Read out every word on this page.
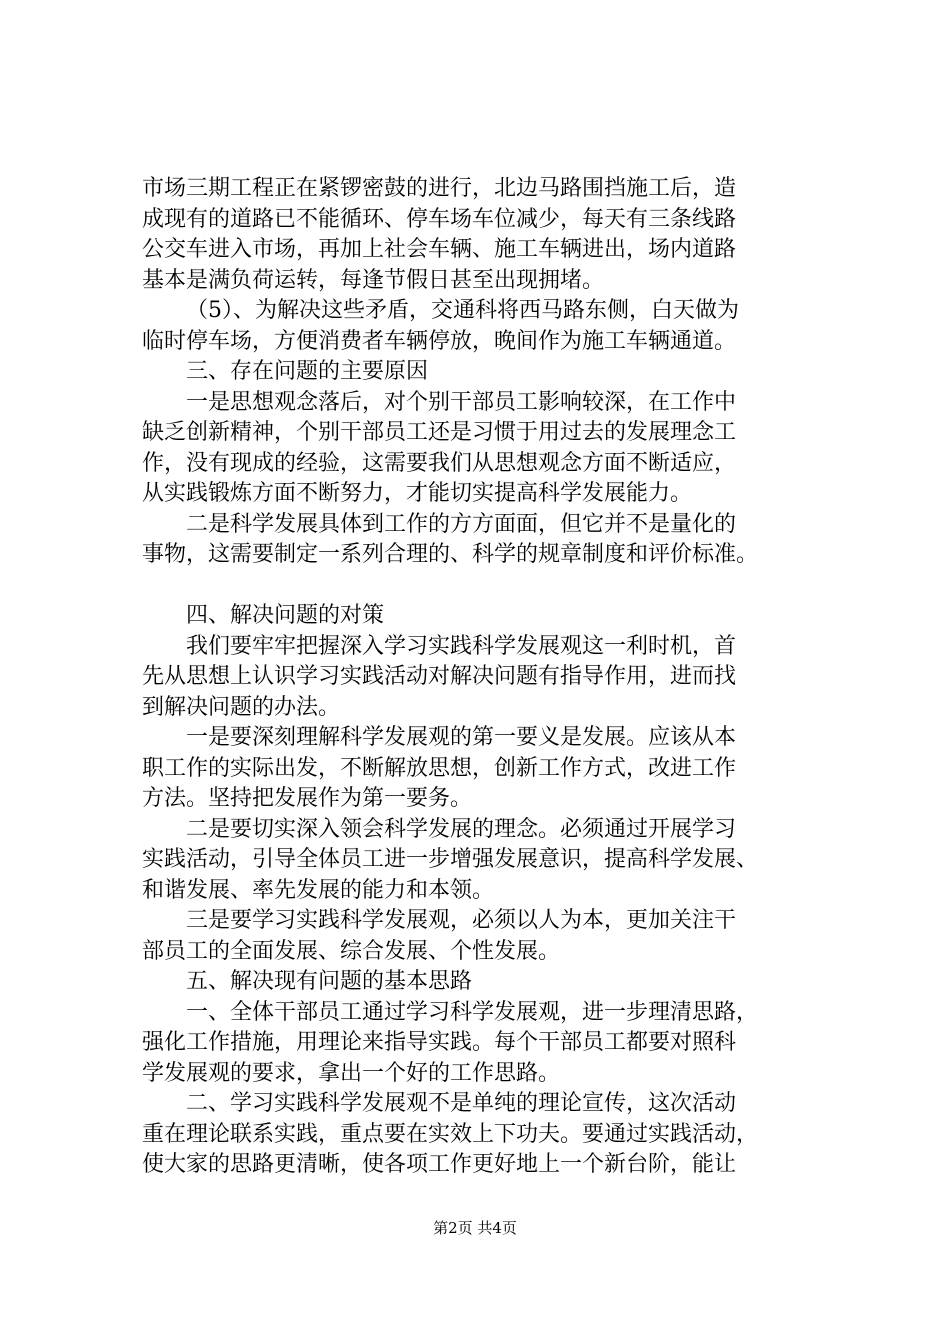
市场三期工程正在紧锣密鼓的进行，北边马路围挡施工后，造
成现有的道路已不能循环、停车场车位减少，每天有三条线路
公交车进入市场，再加上社会车辆、施工车辆进出，场内道路
基本是满负荷运转，每逢节假日甚至出现拥堵。
（5）、为解决这些矛盾，交通科将西马路东侧，白天做为
临时停车场，方便消费者车辆停放，晚间作为施工车辆通道。
三、存在问题的主要原因
一是思想观念落后，对个别干部员工影响较深，在工作中
缺乏创新精神，个别干部员工还是习惯于用过去的发展理念工
作，没有现成的经验，这需要我们从思想观念方面不断适应，
从实践锻炼方面不断努力，才能切实提高科学发展能力。
二是科学发展具体到工作的方方面面，但它并不是量化的
事物，这需要制定一系列合理的、科学的规章制度和评价标准。
四、解决问题的对策
我们要牢牢把握深入学习实践科学发展观这一利时机，首
先从思想上认识学习实践活动对解决问题有指导作用，进而找
到解决问题的办法。
一是要深刻理解科学发展观的第一要义是发展。应该从本
职工作的实际出发，不断解放思想，创新工作方式，改进工作
方法。坚持把发展作为第一要务。
二是要切实深入领会科学发展的理念。必须通过开展学习
实践活动，引导全体员工进一步增强发展意识，提高科学发展、
和谐发展、率先发展的能力和本领。
三是要学习实践科学发展观，必须以人为本，更加关注干
部员工的全面发展、综合发展、个性发展。
五、解决现有问题的基本思路
一、全体干部员工通过学习科学发展观，进一步理清思路，
强化工作措施，用理论来指导实践。每个干部员工都要对照科
学发展观的要求，拿出一个好的工作思路。
二、学习实践科学发展观不是单纯的理论宣传，这次活动
重在理论联系实践，重点要在实效上下功夫。要通过实践活动，
使大家的思路更清晰，使各项工作更好地上一个新台阶，能让
第2页 共4页
